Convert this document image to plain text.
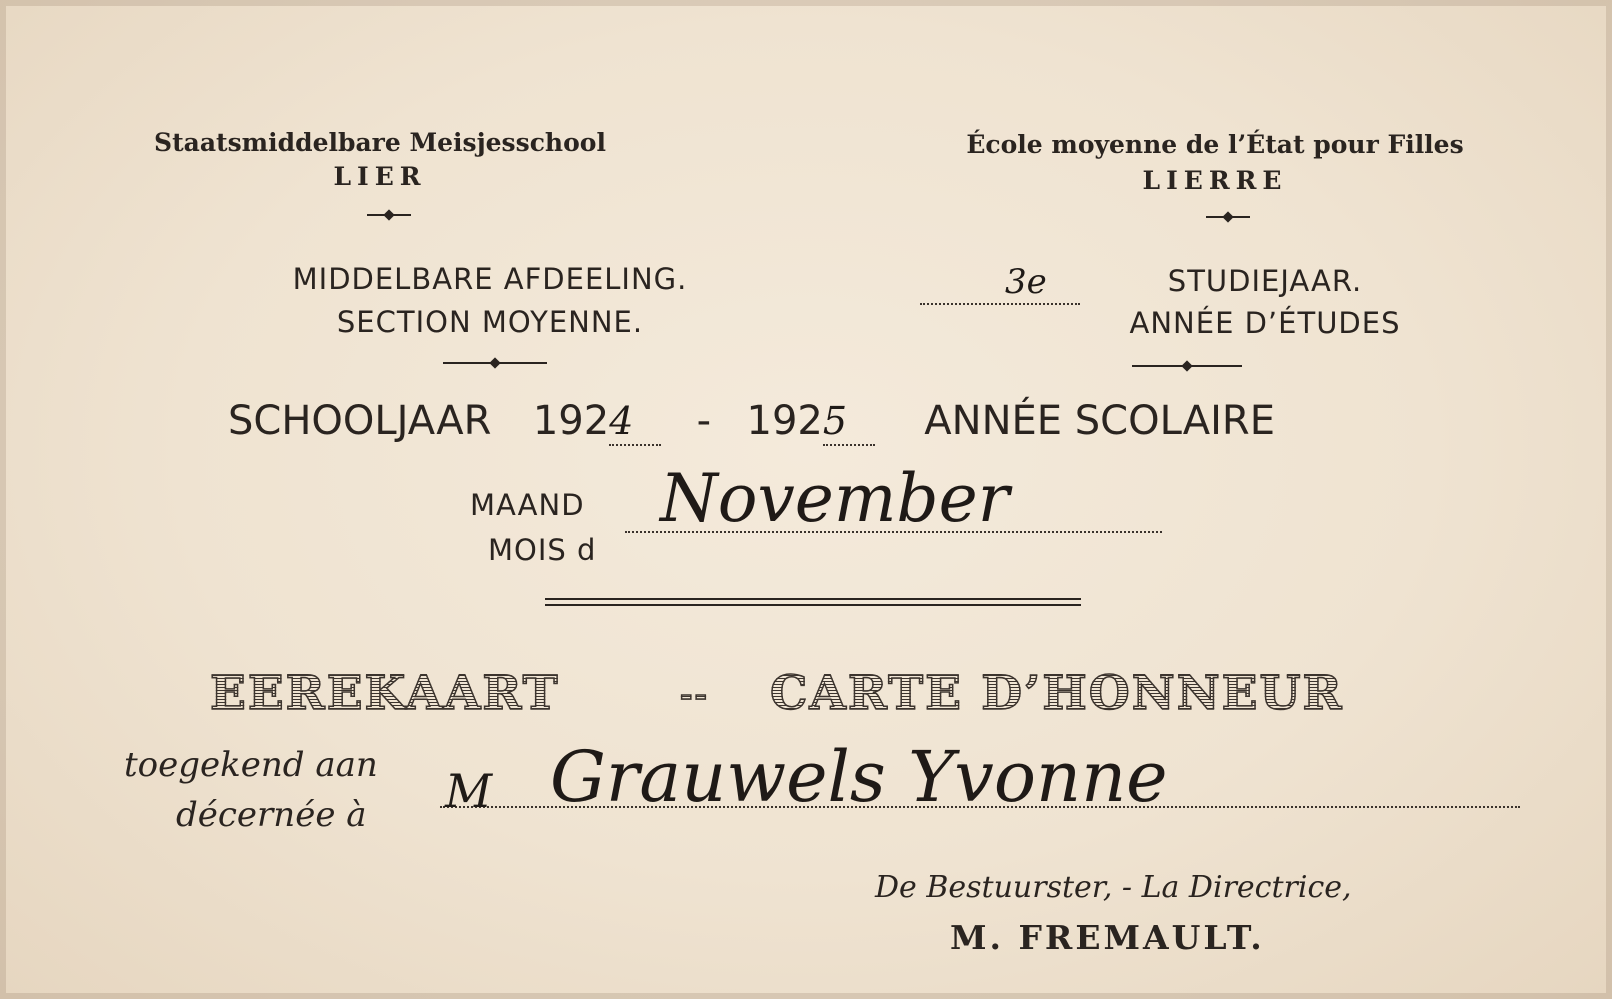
Staatsmiddelbare Meisjesschool
LIER
École moyenne de l’État pour Filles
LIERRE
MIDDELBARE AFDEELING.
SECTION MOYENNE.
3e	STUDIEJAAR.
ANNÉE D’ÉTUDES
SCHOOLJAAR 1924 - 1925 ANNÉE SCOLAIRE
MAAND
MOIS d
November
EEREKAART	-- CARTE D’HONNEUR
toegekend aan
décernée à M Grauwels Yvonne
De Bestuurster, - La Directrice,
M. FREMAULT.
